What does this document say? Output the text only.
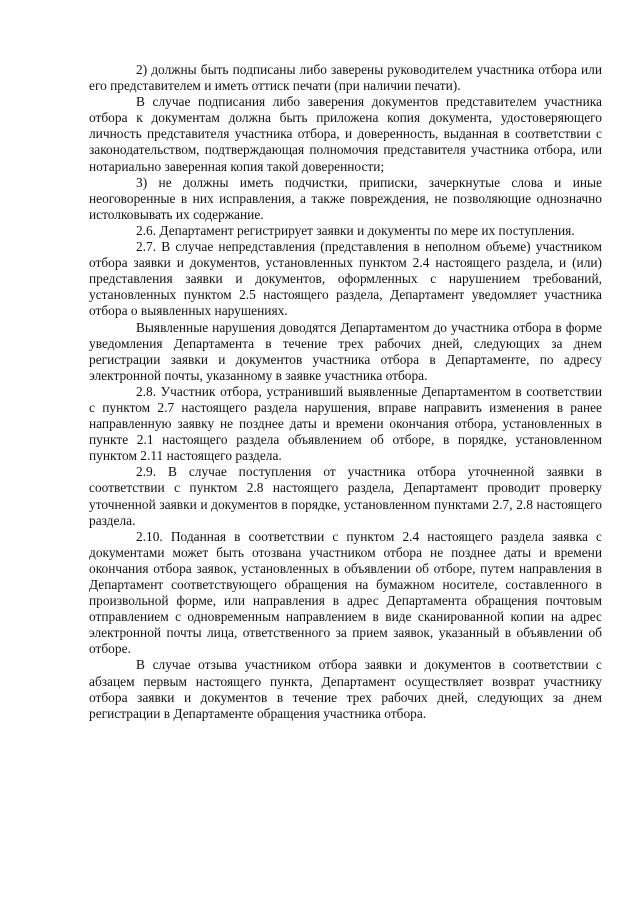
2) должны быть подписаны либо заверены руководителем участника отбора или его представителем и иметь оттиск печати (при наличии печати).

В случае подписания либо заверения документов представителем участника отбора к документам должна быть приложена копия документа, удостоверяющего личность представителя участника отбора, и доверенность, выданная в соответствии с законодательством, подтверждающая полномочия представителя участника отбора, или нотариально заверенная копия такой доверенности;

3) не должны иметь подчистки, приписки, зачеркнутые слова и иные неоговоренные в них исправления, а также повреждения, не позволяющие однозначно истолковывать их содержание.

2.6. Департамент регистрирует заявки и документы по мере их поступления.

2.7. В случае непредставления (представления в неполном объеме) участником отбора заявки и документов, установленных пунктом 2.4 настоящего раздела, и (или) представления заявки и документов, оформленных с нарушением требований, установленных пунктом 2.5 настоящего раздела, Департамент уведомляет участника отбора о выявленных нарушениях.

Выявленные нарушения доводятся Департаментом до участника отбора в форме уведомления Департамента в течение трех рабочих дней, следующих за днем регистрации заявки и документов участника отбора в Департаменте, по адресу электронной почты, указанному в заявке участника отбора.

2.8. Участник отбора, устранивший выявленные Департаментом в соответствии с пунктом 2.7 настоящего раздела нарушения, вправе направить изменения в ранее направленную заявку не позднее даты и времени окончания отбора, установленных в пункте 2.1 настоящего раздела объявлением об отборе, в порядке, установленном пунктом 2.11 настоящего раздела.

2.9. В случае поступления от участника отбора уточненной заявки в соответствии с пунктом 2.8 настоящего раздела, Департамент проводит проверку уточненной заявки и документов в порядке, установленном пунктами 2.7, 2.8 настоящего раздела.

2.10. Поданная в соответствии с пунктом 2.4 настоящего раздела заявка с документами может быть отозвана участником отбора не позднее даты и времени окончания отбора заявок, установленных в объявлении об отборе, путем направления в Департамент соответствующего обращения на бумажном носителе, составленного в произвольной форме, или направления в адрес Департамента обращения почтовым отправлением с одновременным направлением в виде сканированной копии на адрес электронной почты лица, ответственного за прием заявок, указанный в объявлении об отборе.

В случае отзыва участником отбора заявки и документов в соответствии с абзацем первым настоящего пункта, Департамент осуществляет возврат участнику отбора заявки и документов в течение трех рабочих дней, следующих за днем регистрации в Департаменте обращения участника отбора.
